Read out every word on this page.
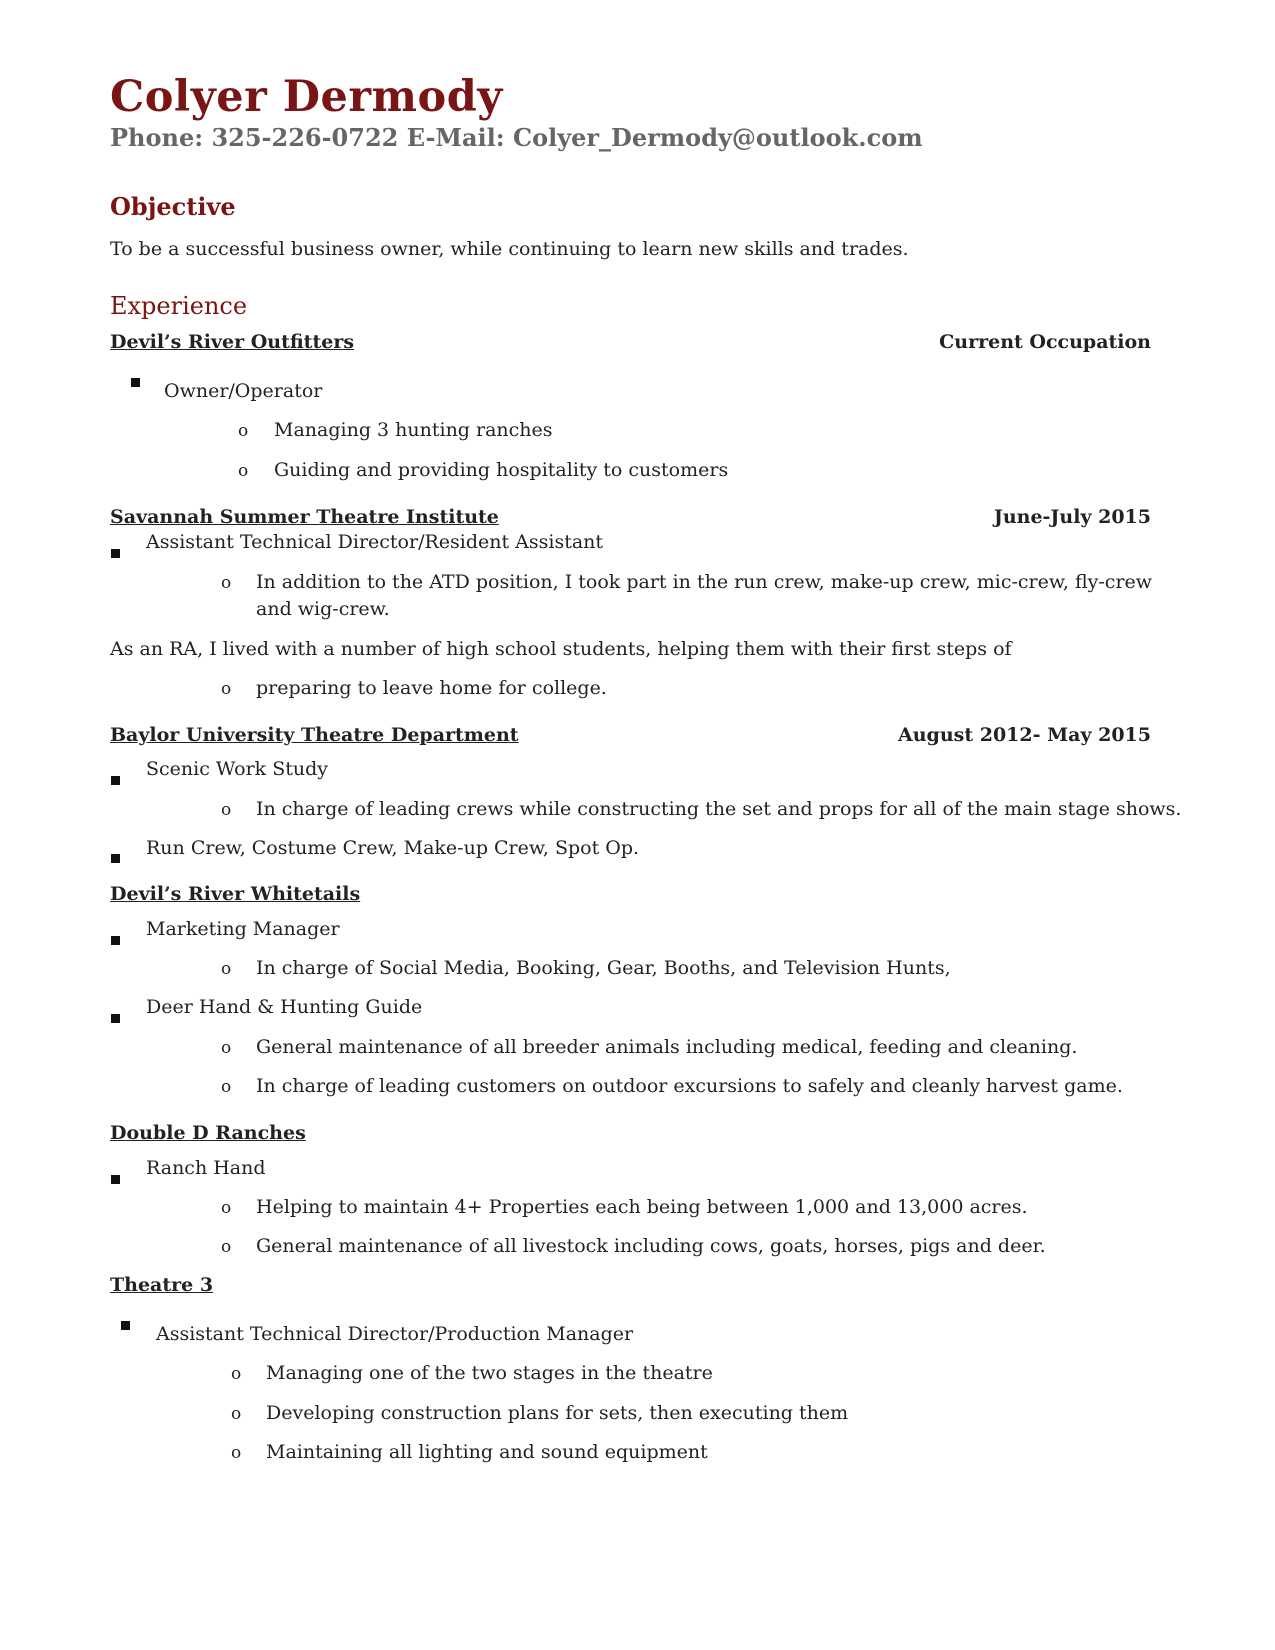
Colyer Dermody
Phone: 325-226-0722 E-Mail: Colyer_Dermody@outlook.com
Objective
To be a successful business owner, while continuing to learn new skills and trades.
Experience
Devil’s River Outfitters	Current Occupation
Owner/Operator
o Managing 3 hunting ranches
o Guiding and providing hospitality to customers
Savannah Summer Theatre Institute	June-July 2015
Assistant Technical Director/Resident Assistant
o In addition to the ATD position, I took part in the run crew, make-up crew, mic-crew, fly-crew
and wig-crew.
As an RA, I lived with a number of high school students, helping them with their first steps of
o preparing to leave home for college.
Baylor University Theatre Department	August 2012- May 2015
Scenic Work Study
o In charge of leading crews while constructing the set and props for all of the main stage shows.
Run Crew, Costume Crew, Make-up Crew, Spot Op.
Devil’s River Whitetails
Marketing Manager
o In charge of Social Media, Booking, Gear, Booths, and Television Hunts,
Deer Hand & Hunting Guide
o General maintenance of all breeder animals including medical, feeding and cleaning.
o In charge of leading customers on outdoor excursions to safely and cleanly harvest game.
Double D Ranches
Ranch Hand
o Helping to maintain 4+ Properties each being between 1,000 and 13,000 acres.
o General maintenance of all livestock including cows, goats, horses, pigs and deer.
Theatre 3
Assistant Technical Director/Production Manager
o Managing one of the two stages in the theatre
o Developing construction plans for sets, then executing them
o Maintaining all lighting and sound equipment
